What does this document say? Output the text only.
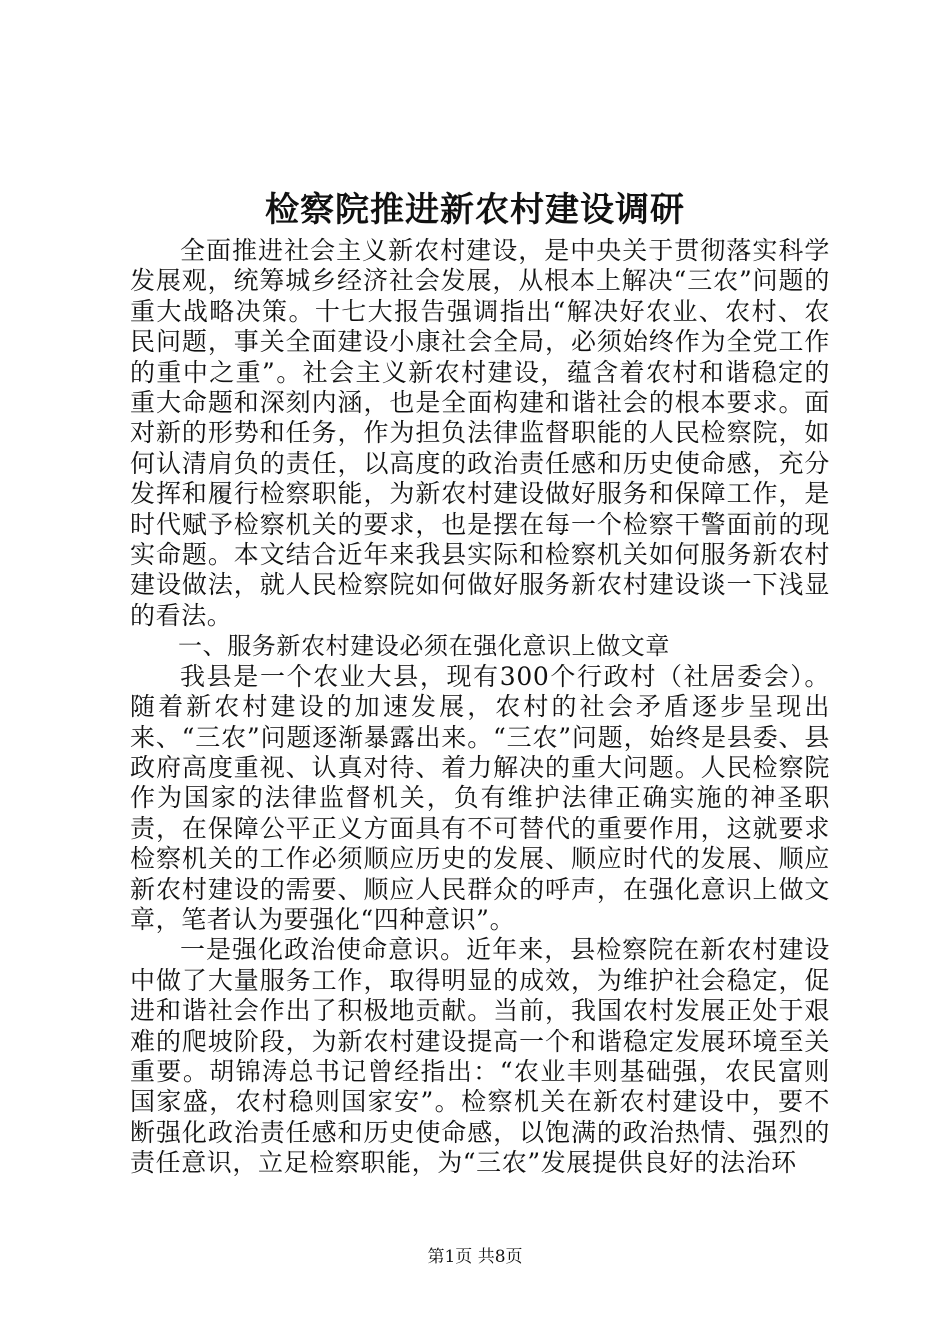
检察院推进新农村建设调研

全面推进社会主义新农村建设，是中央关于贯彻落实科学发展观，统筹城乡经济社会发展，从根本上解决“三农”问题的重大战略决策。十七大报告强调指出“解决好农业、农村、农民问题，事关全面建设小康社会全局，必须始终作为全党工作的重中之重”。社会主义新农村建设，蕴含着农村和谐稳定的重大命题和深刻内涵，也是全面构建和谐社会的根本要求。面对新的形势和任务，作为担负法律监督职能的人民检察院，如何认清肩负的责任，以高度的政治责任感和历史使命感，充分发挥和履行检察职能，为新农村建设做好服务和保障工作，是时代赋予检察机关的要求，也是摆在每一个检察干警面前的现实命题。本文结合近年来我县实际和检察机关如何服务新农村建设做法，就人民检察院如何做好服务新农村建设谈一下浅显的看法。

一、服务新农村建设必须在强化意识上做文章

我县是一个农业大县，现有300个行政村（社居委会）。随着新农村建设的加速发展，农村的社会矛盾逐步呈现出来、“三农”问题逐渐暴露出来。“三农”问题，始终是县委、县政府高度重视、认真对待、着力解决的重大问题。人民检察院作为国家的法律监督机关，负有维护法律正确实施的神圣职责，在保障公平正义方面具有不可替代的重要作用，这就要求检察机关的工作必须顺应历史的发展、顺应时代的发展、顺应新农村建设的需要、顺应人民群众的呼声，在强化意识上做文章，笔者认为要强化“四种意识”。

一是强化政治使命意识。近年来，县检察院在新农村建设中做了大量服务工作，取得明显的成效，为维护社会稳定，促进和谐社会作出了积极地贡献。当前，我国农村发展正处于艰难的爬坡阶段，为新农村建设提高一个和谐稳定发展环境至关重要。胡锦涛总书记曾经指出：“农业丰则基础强，农民富则国家盛，农村稳则国家安”。检察机关在新农村建设中，要不断强化政治责任感和历史使命感，以饱满的政治热情、强烈的责任意识，立足检察职能，为“三农”发展提供良好的法治环

第1页 共8页
